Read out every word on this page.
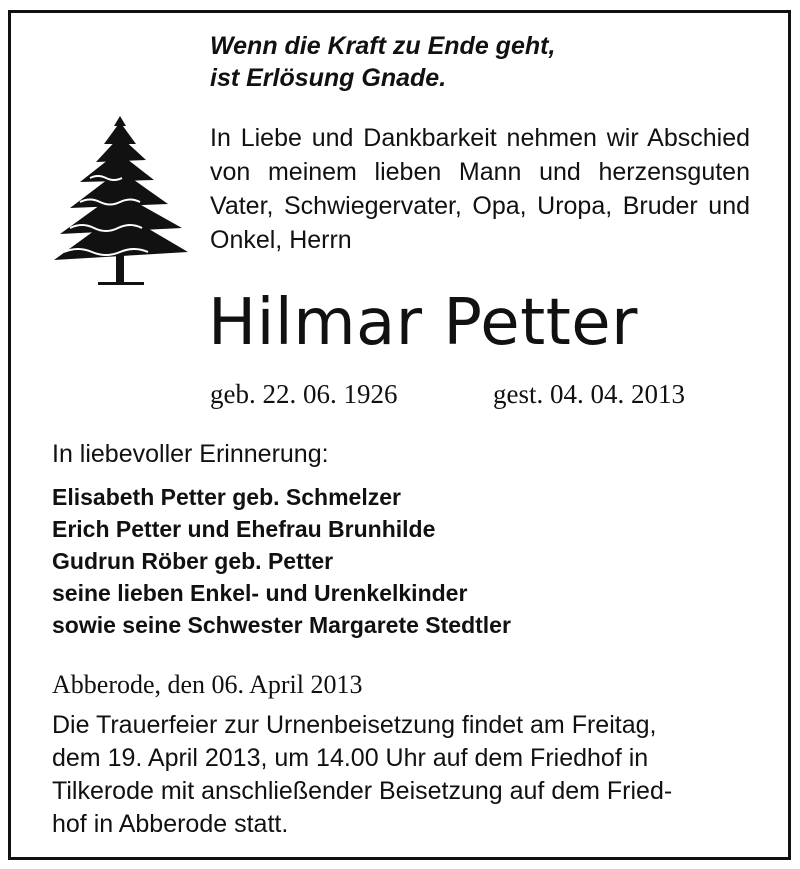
Wenn die Kraft zu Ende geht,
ist Erlösung Gnade.
In Liebe und Dankbarkeit nehmen wir Abschied von meinem lieben Mann und herzensguten Vater, Schwiegervater, Opa, Uropa, Bruder und Onkel, Herrn
Hilmar Petter
geb. 22. 06. 1926	gest. 04. 04. 2013
In liebevoller Erinnerung:
Elisabeth Petter geb. Schmelzer
Erich Petter und Ehefrau Brunhilde
Gudrun Röber geb. Petter
seine lieben Enkel- und Urenkelkinder
sowie seine Schwester Margarete Stedtler
Abberode, den 06. April 2013
Die Trauerfeier zur Urnenbeisetzung findet am Freitag,
dem 19. April 2013, um 14.00 Uhr auf dem Friedhof in
Tilkerode mit anschließender Beisetzung auf dem Fried-
hof in Abberode statt.
